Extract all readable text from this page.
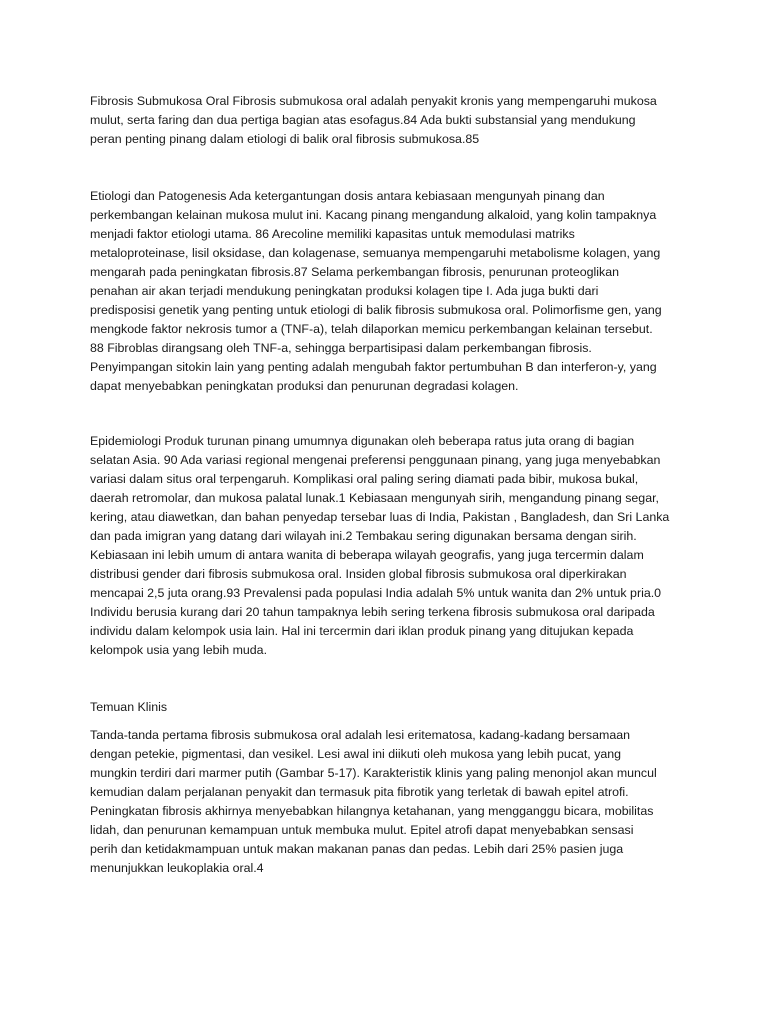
Fibrosis Submukosa Oral Fibrosis submukosa oral adalah penyakit kronis yang mempengaruhi mukosa
mulut, serta faring dan dua pertiga bagian atas esofagus.84 Ada bukti substansial yang mendukung
peran penting pinang dalam etiologi di balik oral fibrosis submukosa.85
Etiologi dan Patogenesis Ada ketergantungan dosis antara kebiasaan mengunyah pinang dan
perkembangan kelainan mukosa mulut ini. Kacang pinang mengandung alkaloid, yang kolin tampaknya
menjadi faktor etiologi utama. 86 Arecoline memiliki kapasitas untuk memodulasi matriks
metaloproteinase, lisil oksidase, dan kolagenase, semuanya mempengaruhi metabolisme kolagen, yang
mengarah pada peningkatan fibrosis.87 Selama perkembangan fibrosis, penurunan proteoglikan
penahan air akan terjadi mendukung peningkatan produksi kolagen tipe I. Ada juga bukti dari
predisposisi genetik yang penting untuk etiologi di balik fibrosis submukosa oral. Polimorfisme gen, yang
mengkode faktor nekrosis tumor a (TNF-a), telah dilaporkan memicu perkembangan kelainan tersebut.
88 Fibroblas dirangsang oleh TNF-a, sehingga berpartisipasi dalam perkembangan fibrosis.
Penyimpangan sitokin lain yang penting adalah mengubah faktor pertumbuhan B dan interferon-y, yang
dapat menyebabkan peningkatan produksi dan penurunan degradasi kolagen.
Epidemiologi Produk turunan pinang umumnya digunakan oleh beberapa ratus juta orang di bagian
selatan Asia. 90 Ada variasi regional mengenai preferensi penggunaan pinang, yang juga menyebabkan
variasi dalam situs oral terpengaruh. Komplikasi oral paling sering diamati pada bibir, mukosa bukal,
daerah retromolar, dan mukosa palatal lunak.1 Kebiasaan mengunyah sirih, mengandung pinang segar,
kering, atau diawetkan, dan bahan penyedap tersebar luas di India, Pakistan , Bangladesh, dan Sri Lanka
dan pada imigran yang datang dari wilayah ini.2 Tembakau sering digunakan bersama dengan sirih.
Kebiasaan ini lebih umum di antara wanita di beberapa wilayah geografis, yang juga tercermin dalam
distribusi gender dari fibrosis submukosa oral. Insiden global fibrosis submukosa oral diperkirakan
mencapai 2,5 juta orang.93 Prevalensi pada populasi India adalah 5% untuk wanita dan 2% untuk pria.0
Individu berusia kurang dari 20 tahun tampaknya lebih sering terkena fibrosis submukosa oral daripada
individu dalam kelompok usia lain. Hal ini tercermin dari iklan produk pinang yang ditujukan kepada
kelompok usia yang lebih muda.
Temuan Klinis
Tanda-tanda pertama fibrosis submukosa oral adalah lesi eritematosa, kadang-kadang bersamaan
dengan petekie, pigmentasi, dan vesikel. Lesi awal ini diikuti oleh mukosa yang lebih pucat, yang
mungkin terdiri dari marmer putih (Gambar 5-17). Karakteristik klinis yang paling menonjol akan muncul
kemudian dalam perjalanan penyakit dan termasuk pita fibrotik yang terletak di bawah epitel atrofi.
Peningkatan fibrosis akhirnya menyebabkan hilangnya ketahanan, yang mengganggu bicara, mobilitas
lidah, dan penurunan kemampuan untuk membuka mulut. Epitel atrofi dapat menyebabkan sensasi
perih dan ketidakmampuan untuk makan makanan panas dan pedas. Lebih dari 25% pasien juga
menunjukkan leukoplakia oral.4
